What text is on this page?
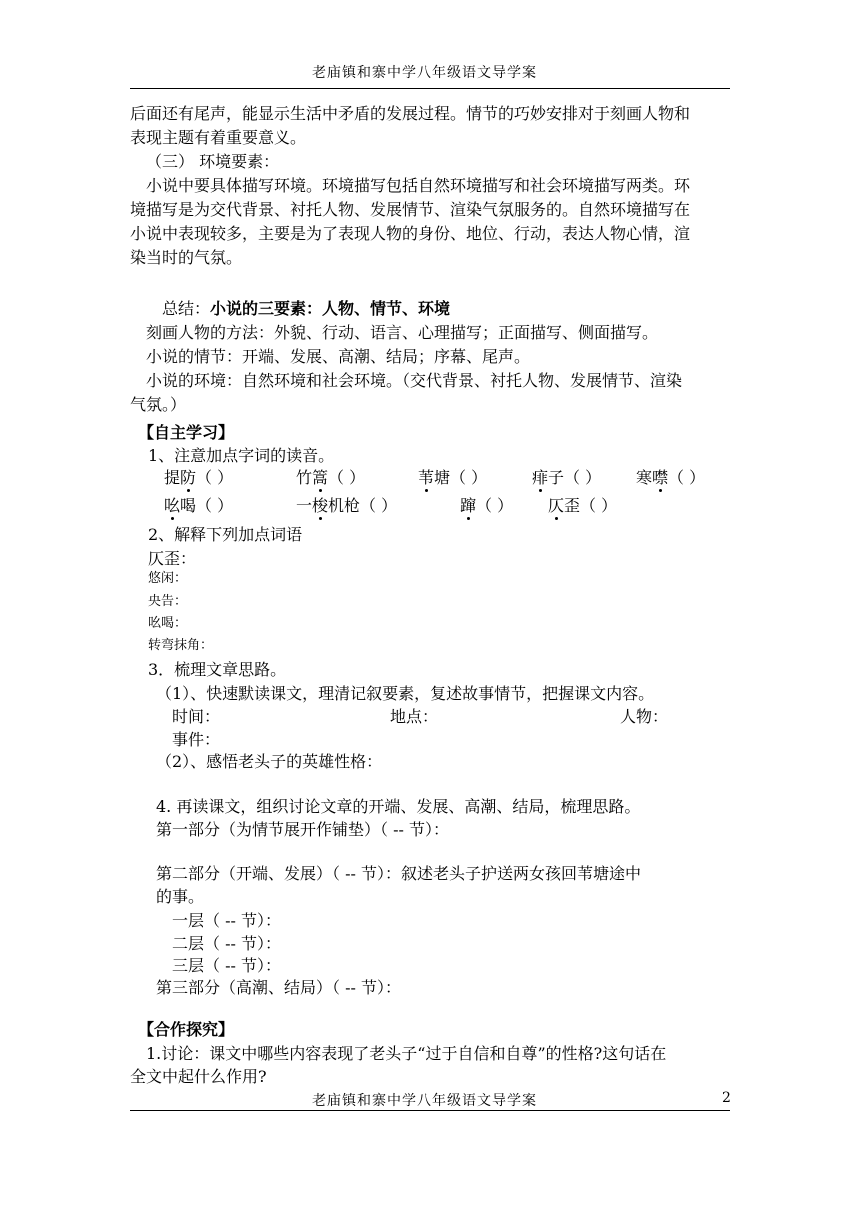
老庙镇和寨中学八年级语文导学案
后面还有尾声，能显示生活中矛盾的发展过程。情节的巧妙安排对于刻画人物和
表现主题有着重要意义。
（三） 环境要素：
小说中要具体描写环境。环境描写包括自然环境描写和社会环境描写两类。环
境描写是为交代背景、衬托人物、发展情节、渲染气氛服务的。自然环境描写在
小说中表现较多，主要是为了表现人物的身份、地位、行动，表达人物心情，渲
染当时的气氛。
总结：小说的三要素：人物、情节、环境
刻画人物的方法：外貌、行动、语言、心理描写；正面描写、侧面描写。
小说的情节：开端、发展、高潮、结局；序幕、尾声。
小说的环境：自然环境和社会环境。（交代背景、衬托人物、发展情节、渲染
气氛。）
【自主学习】
1、注意加点字词的读音。
提防（ ）	竹篙（ ）	苇塘（ ）	痱子（ ） 寒噤（ ）
吆喝（ ）	一梭机枪（ ）	蹿（ ） 仄歪（ ）
2、解释下列加点词语
仄歪：
悠闲：
央告：
吆喝：
转弯抹角：
3．梳理文章思路。
（1）、快速默读课文，理清记叙要素，复述故事情节，把握课文内容。
时间：	地点：	人物：
事件：
（2）、感悟老头子的英雄性格：
4. 再读课文，组织讨论文章的开端、发展、高潮、结局，梳理思路。
第一部分（为情节展开作铺垫）（ -- 节）：
第二部分（开端、发展）（ -- 节）：叙述老头子护送两女孩回苇塘途中
的事。
一层（ -- 节）：
二层（ -- 节）：
三层（ -- 节）：
第三部分（高潮、结局）（ -- 节）：
【合作探究】
1.讨论：课文中哪些内容表现了老头子“过于自信和自尊”的性格?这句话在
全文中起什么作用?
老庙镇和寨中学八年级语文导学案	2
